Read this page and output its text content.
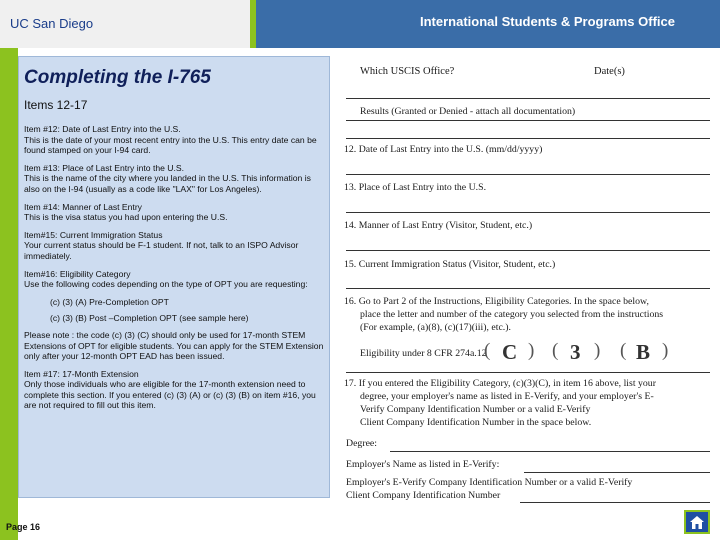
UC San Diego	International Students & Programs Office
Completing the I-765
Items 12-17

Item #12: Date of Last Entry into the U.S.
This is the date of your most recent entry into the U.S. This entry date can be found stamped on your I-94 card.

Item #13: Place of Last Entry into the U.S.
This is the name of the city where you landed in the U.S. This information is also on the I-94 (usually as a code like "LAX" for Los Angeles).

Item #14: Manner of Last Entry
This is the visa status you had upon entering the U.S.

Item#15: Current Immigration Status
Your current status should be F-1 student. If not, talk to an ISPO Advisor immediately.

Item#16: Eligibility Category
Use the following codes depending on the type of OPT you are requesting:

(c) (3) (A) Pre-Completion OPT

(c) (3) (B) Post –Completion OPT (see sample here)

Please note : the code (c) (3) (C) should only be used for 17-month STEM Extensions of OPT for eligible students. You can apply for the STEM Extension only after your 12-month OPT EAD has been issued.

Item #17: 17-Month Extension
Only those individuals who are eligible for the 17-month extension need to complete this section. If you entered (c) (3) (A) or (c) (3) (B) on item #16, you are not required to fill out this item.

Page 16
Which USCIS Office?	Date(s)
Results (Granted or Denied - attach all documentation)
12. Date of Last Entry into the U.S. (mm/dd/yyyy)
13. Place of Last Entry into the U.S.
14. Manner of Last Entry (Visitor, Student, etc.)
15. Current Immigration Status (Visitor, Student, etc.)
16. Go to Part 2 of the Instructions, Eligibility Categories. In the space below,
place the letter and number of the category you selected from the instructions
(For example, (a)(8), (c)(17)(iii), etc.).
Eligibility under 8 CFR 274a.12
( C ) ( 3 ) ( B )
17. If you entered the Eligibility Category, (c)(3)(C), in item 16 above, list your
degree, your employer's name as listed in E-Verify, and your employer's E-
Verify Company Identification Number or a valid E-Verify
Client Company Identification Number in the space below.
Degree:
Employer's Name as listed in E-Verify:
Employer's E-Verify Company Identification Number or a valid E-Verify
Client Company Identification Number
